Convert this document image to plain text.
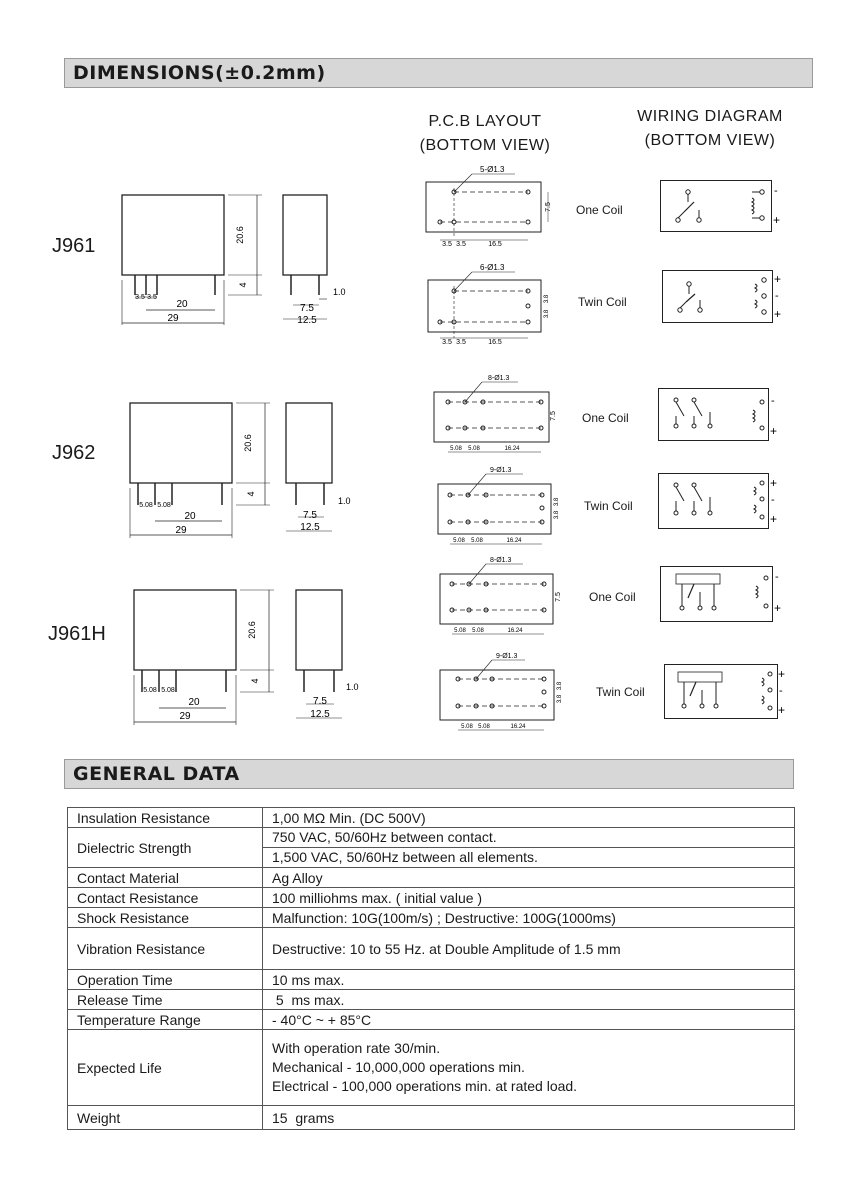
DIMENSIONS(±0.2mm)
P.C.B LAYOUT
(BOTTOM VIEW)
WIRING DIAGRAM
(BOTTOM VIEW)
J961
J962
J961H
20.6
4
3.5 3.5
20
29
7.5
12.5
1.0
20.6
4
5.08 5.08
20
29
7.5
12.5
1.0
20.6
4
5.08 5.08
20
29
7.5
12.5
1.0
5-Ø1.3
3.5 3.5	16.5
7.5 One Coil
6-Ø1.3
3.5 3.5	16.5
3.8
3.8
Twin Coil
8-Ø1.3
5.08 5.08	16.24
7.5 One Coil
9-Ø1.3
5.08 5.08	16.24
3.8
3.8
Twin Coil
8-Ø1.3
5.08 5.08	16.24
7.5 One Coil
9-Ø1.3
5.08 5.08	16.24
3.8
3.8	Twin Coil
-
+
+
-
+
-
+
+
-
+
-
+
+
-
+
GENERAL DATA
Insulation Resistance	1,00 MΩ Min. (DC 500V)
Dielectric Strength	750 VAC, 50/60Hz between contact.
1,500 VAC, 50/60Hz between all elements.

Contact Material	Ag Alloy
Contact Resistance	100 milliohms max. ( initial value )
Shock Resistance	Malfunction: 10G(100m/s) ; Destructive: 100G(1000ms)
Vibration Resistance	Destructive: 10 to 55 Hz. at Double Amplitude of 1.5 mm
Operation Time	10 ms max.
Release Time	5  ms max.
Temperature Range	- 40°C ~ + 85°C
Expected Life	With operation rate 30/min.
Mechanical - 10,000,000 operations min.
Electrical - 100,000 operations min. at rated load.

Weight	15  grams
